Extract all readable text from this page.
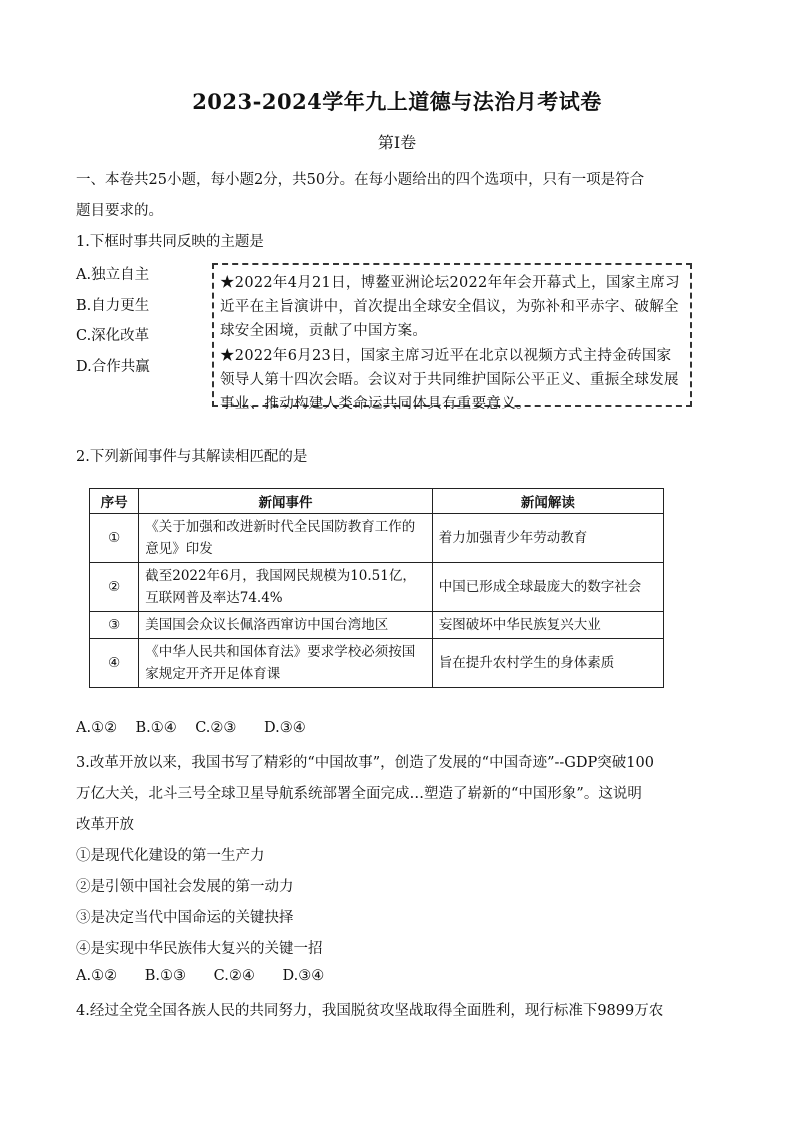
2023-2024学年九上道德与法治月考试卷
第Ⅰ卷
一、本卷共25小题，每小题2分，共50分。在每小题给出的四个选项中，只有一项是符合
题目要求的。
1.下框时事共同反映的主题是
A.独立自主
B.自力更生
C.深化改革
D.合作共赢

★2022年4月21日，博鳌亚洲论坛2022年年会开幕式上，国家主席习近平在主旨演讲中，首次提出全球安全倡议，为弥补和平赤字、破解全球安全困境，贡献了中国方案。

★2022年6月23日，国家主席习近平在北京以视频方式主持金砖国家领导人第十四次会晤。会议对于共同维护国际公平正义、重振全球发展事业、推动构建人类命运共同体具有重要意义。

2.下列新闻事件与其解读相匹配的是
序号	新闻事件	新闻解读
①	《关于加强和改进新时代全民国防教育工作的意见》印发	着力加强青少年劳动教育
②	截至2022年6月，我国网民规模为10.51亿，互联网普及率达74.4%	中国已形成全球最庞大的数字社会
③	美国国会众议长佩洛西窜访中国台湾地区	妄图破坏中华民族复兴大业
④	《中华人民共和国体育法》要求学校必须按国家规定开齐开足体育课	旨在提升农村学生的身体素质
A.①②    B.①④    C.②③      D.③④
3.改革开放以来，我国书写了精彩的“中国故事”，创造了发展的“中国奇迹”--GDP突破100
万亿大关，北斗三号全球卫星导航系统部署全面完成…塑造了崭新的“中国形象”。这说明
改革开放
①是现代化建设的第一生产力
②是引领中国社会发展的第一动力
③是决定当代中国命运的关键抉择
④是实现中华民族伟大复兴的关键一招
A.①②      B.①③      C.②④      D.③④
4.经过全党全国各族人民的共同努力，我国脱贫攻坚战取得全面胜利，现行标准下9899万农
